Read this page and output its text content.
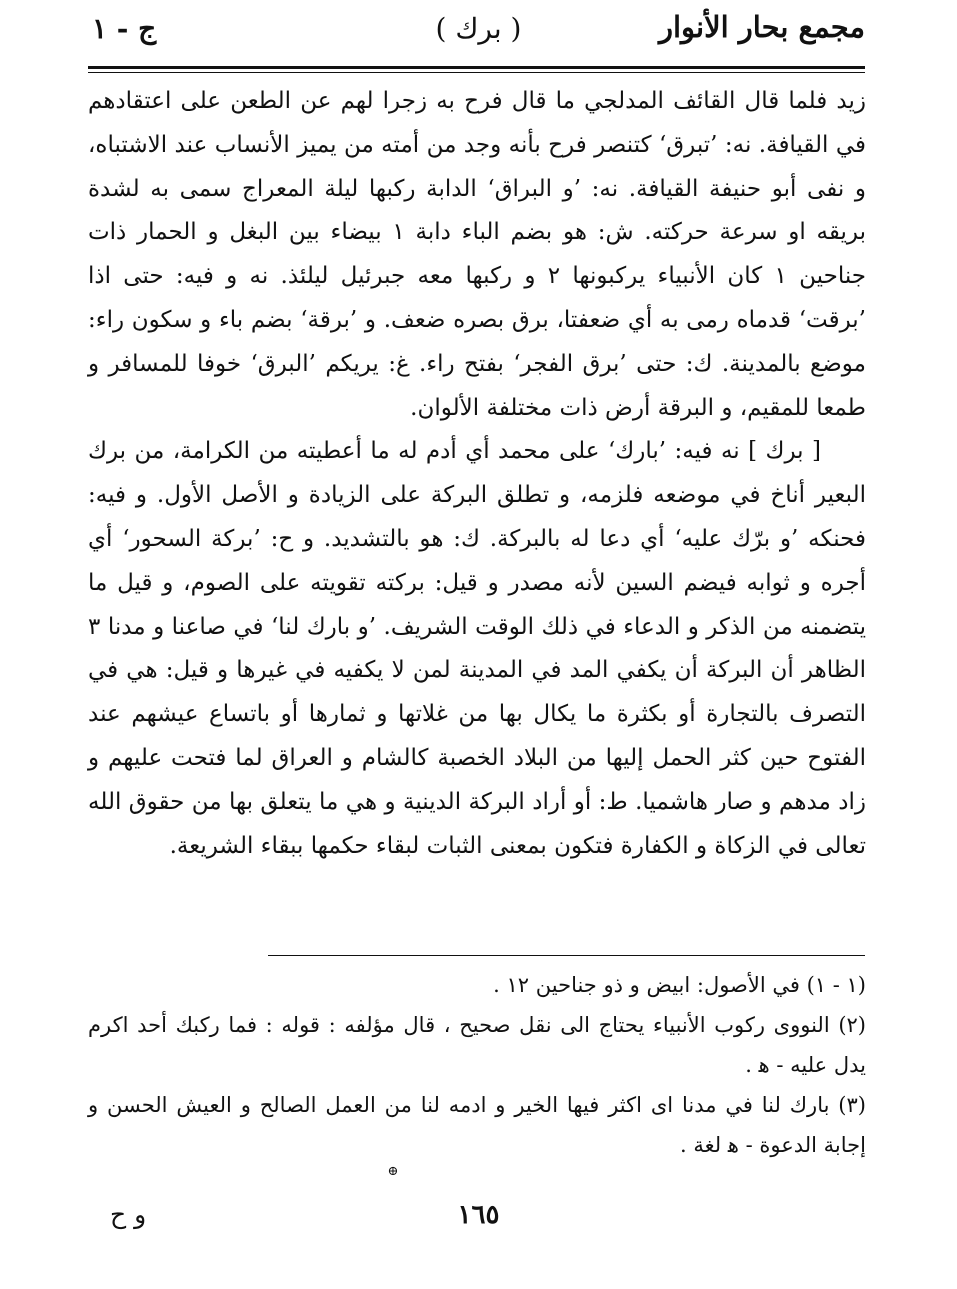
مجمع بحار الأنوار
( برك )
ج - ١

زيد فلما قال القائف المدلجي ما قال فرح به زجرا لهم عن الطعن على اعتقادهم في القيافة. نه: ’تبرق‘ كتنصر فرح بأنه وجد من أمته من يميز الأنساب عند الاشتباه، و نفى أبو حنيفة القيافة. نه: ’و البراق‘ الدابة ركبها ليلة المعراج سمى به لشدة بريقه او سرعة حركته. ش: هو بضم الباء دابة ١ بيضاء بين البغل و الحمار ذات جناحين ١ كان الأنبياء يركبونها ٢ و ركبها معه جبرئيل ليلئذ. نه و فيه: حتى اذا ’برقت‘ قدماه رمى به أي ضعفتا، برق بصره ضعف. و ’برقة‘ بضم باء و سكون راء: موضع بالمدينة. ك: حتى ’برق الفجر‘ بفتح راء. غ: يريكم ’البرق‘ خوفا للمسافر و طمعا للمقيم، و البرقة أرض ذات مختلفة الألوان.

[ برك ] نه فيه: ’بارك‘ على محمد أي أدم له ما أعطيته من الكرامة، من برك البعير أناخ في موضعه فلزمه، و تطلق البركة على الزيادة و الأصل الأول. و فيه: فحنكه ’و برّك عليه‘ أي دعا له بالبركة. ك: هو بالتشديد. و ح: ’بركة السحور‘ أي أجره و ثوابه فيضم السين لأنه مصدر و قيل: بركته تقويته على الصوم، و قيل ما يتضمنه من الذكر و الدعاء في ذلك الوقت الشريف. ’و بارك لنا‘ في صاعنا و مدنا ٣ الظاهر أن البركة أن يكفي المد في المدينة لمن لا يكفيه في غيرها و قيل: هي في التصرف بالتجارة أو بكثرة ما يكال بها من غلاتها و ثمارها أو باتساع عيشهم عند الفتوح حين كثر الحمل إليها من البلاد الخصبة كالشام و العراق لما فتحت عليهم و زاد مدهم و صار هاشميا. ط: أو أراد البركة الدينية و هي ما يتعلق بها من حقوق الله تعالى في الزكاة و الكفارة فتكون بمعنى الثبات لبقاء حكمها ببقاء الشريعة.

(١ - ١) في الأصول: ابيض و ذو جناحين ١٢ .

(٢) النووى ركوب الأنبياء يحتاج الى نقل صحيح ، قال مؤلفه : قوله : فما ركبك أحد اكرم يدل عليه - ﻫ .

(٣) بارك لنا في مدنا اى اكثر فيها الخير و ادمه لنا من العمل الصالح و العيش الحسن و إجابة الدعوة - ﻫ لغة .

⊕
١٦٥
و ح
